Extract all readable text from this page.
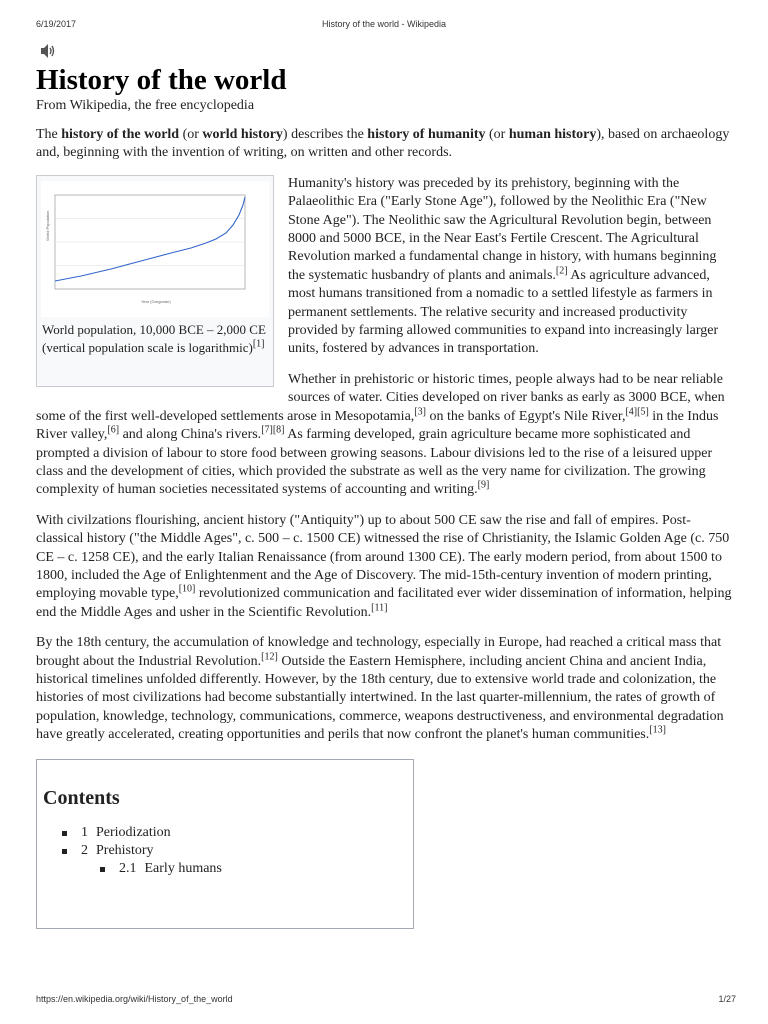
6/19/2017	History of the world - Wikipedia
History of the world
From Wikipedia, the free encyclopedia

The history of the world (or world history) describes the history of humanity (or human history), based on archaeology and, beginning with the invention of writing, on written and other records.

World Population
Year (Gregorian)
World population, 10,000 BCE – 2,000 CE (vertical population scale is logarithmic)[1]

Humanity's history was preceded by its prehistory, beginning with the Palaeolithic Era ("Early Stone Age"), followed by the Neolithic Era ("New Stone Age"). The Neolithic saw the Agricultural Revolution begin, between 8000 and 5000 BCE, in the Near East's Fertile Crescent. The Agricultural Revolution marked a fundamental change in history, with humans beginning the systematic husbandry of plants and animals.[2] As agriculture advanced, most humans transitioned from a nomadic to a settled lifestyle as farmers in permanent settlements. The relative security and increased productivity provided by farming allowed communities to expand into increasingly larger units, fostered by advances in transportation.

Whether in prehistoric or historic times, people always had to be near reliable sources of water. Cities developed on river banks as early as 3000 BCE, when some of the first well-developed settlements arose in Mesopotamia,[3] on the banks of Egypt's Nile River,[4][5] in the Indus River valley,[6] and along China's rivers.[7][8] As farming developed, grain agriculture became more sophisticated and prompted a division of labour to store food between growing seasons. Labour divisions led to the rise of a leisured upper class and the development of cities, which provided the substrate as well as the very name for civilization. The growing complexity of human societies necessitated systems of accounting and writing.[9]

With civilzations flourishing, ancient history ("Antiquity") up to about 500 CE saw the rise and fall of empires. Post-classical history ("the Middle Ages", c. 500 – c. 1500 CE) witnessed the rise of Christianity, the Islamic Golden Age (c. 750 CE – c. 1258 CE), and the early Italian Renaissance (from around 1300 CE). The early modern period, from about 1500 to 1800, included the Age of Enlightenment and the Age of Discovery. The mid-15th-century invention of modern printing, employing movable type,[10] revolutionized communication and facilitated ever wider dissemination of information, helping end the Middle Ages and usher in the Scientific Revolution.[11]

By the 18th century, the accumulation of knowledge and technology, especially in Europe, had reached a critical mass that brought about the Industrial Revolution.[12] Outside the Eastern Hemisphere, including ancient China and ancient India, historical timelines unfolded differently. However, by the 18th century, due to extensive world trade and colonization, the histories of most civilizations had become substantially intertwined. In the last quarter-millennium, the rates of growth of population, knowledge, technology, communications, commerce, weapons destructiveness, and environmental degradation have greatly accelerated, creating opportunities and perils that now confront the planet's human communities.[13]

Contents
1 Periodization
2 Prehistory
2.1 Early humans
https://en.wikipedia.org/wiki/History_of_the_world	1/27
